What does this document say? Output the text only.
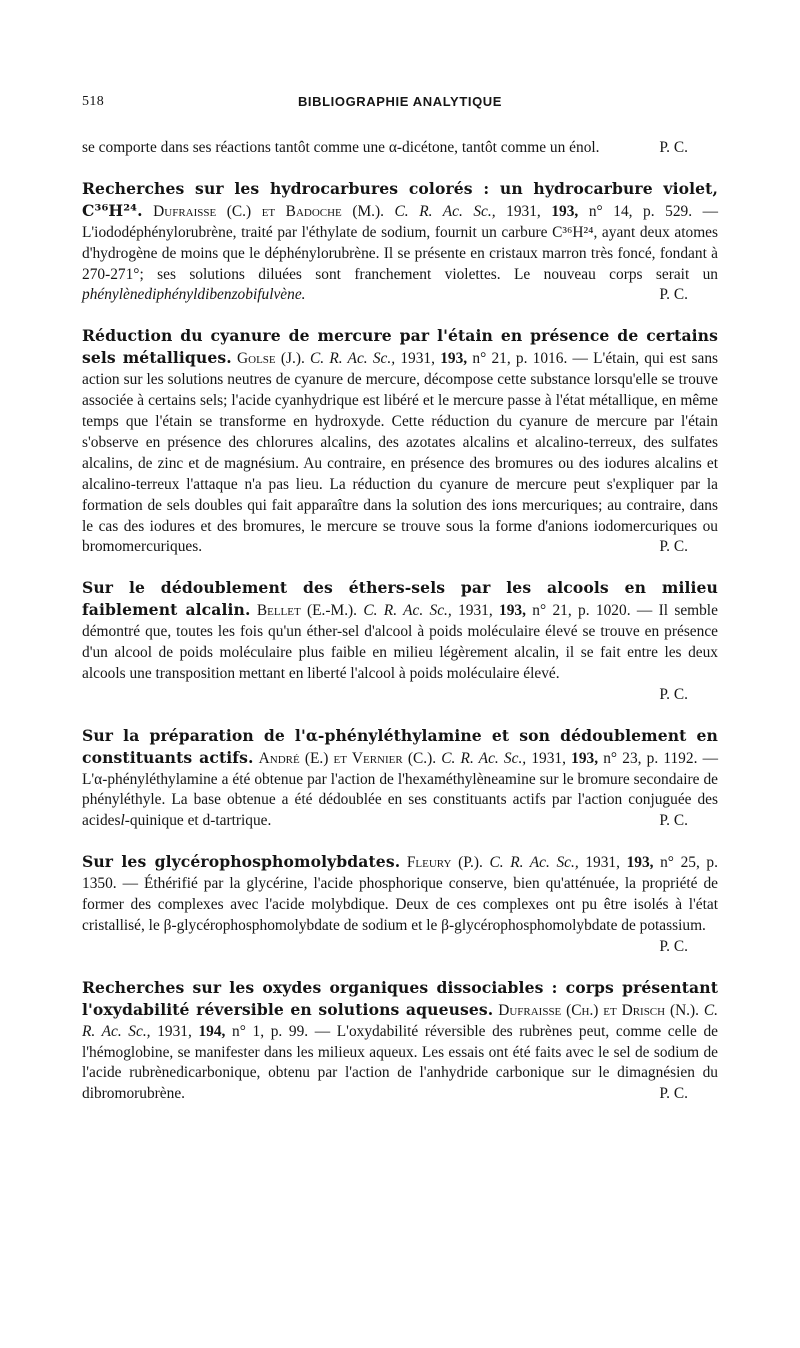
518	BIBLIOGRAPHIE ANALYTIQUE
se comporte dans ses réactions tantôt comme une α-dicétone, tantôt comme un énol.	P. C.
Recherches sur les hydrocarbures colorés : un hydrocarbure violet, C³⁶H²⁴. Dufraisse (C.) et Badoche (M.). C. R. Ac. Sc., 1931, 193, n° 14, p. 529. — L'iododéphénylorubrène, traité par l'éthylate de sodium, fournit un carbure C³⁶H²⁴, ayant deux atomes d'hydrogène de moins que le déphénylorubrène. Il se présente en cristaux marron très foncé, fondant à 270-271°; ses solutions diluées sont franchement violettes. Le nouveau corps serait un phénylènediphényldibenzobifulvène.	P. C.
Réduction du cyanure de mercure par l'étain en présence de certains sels métalliques. Golse (J.). C. R. Ac. Sc., 1931, 193, n° 21, p. 1016. — L'étain, qui est sans action sur les solutions neutres de cyanure de mercure, décompose cette substance lorsqu'elle se trouve associée à certains sels; l'acide cyanhydrique est libéré et le mercure passe à l'état métallique, en même temps que l'étain se transforme en hydroxyde. Cette réduction du cyanure de mercure par l'étain s'observe en présence des chlorures alcalins, des azotates alcalins et alcalino-terreux, des sulfates alcalins, de zinc et de magnésium. Au contraire, en présence des bromures ou des iodures alcalins et alcalino-terreux l'attaque n'a pas lieu. La réduction du cyanure de mercure peut s'expliquer par la formation de sels doubles qui fait apparaître dans la solution des ions mercuriques; au contraire, dans le cas des iodures et des bromures, le mercure se trouve sous la forme d'anions iodomercuriques ou bromomercuriques.	P. C.
Sur le dédoublement des éthers-sels par les alcools en milieu faiblement alcalin. Bellet (E.-M.). C. R. Ac. Sc., 1931, 193, n° 21, p. 1020. — Il semble démontré que, toutes les fois qu'un éther-sel d'alcool à poids moléculaire élevé se trouve en présence d'un alcool de poids moléculaire plus faible en milieu légèrement alcalin, il se fait entre les deux alcools une transposition mettant en liberté l'alcool à poids moléculaire élevé.
P. C.
Sur la préparation de l'α-phényléthylamine et son dédoublement en constituants actifs. André (E.) et Vernier (C.). C. R. Ac. Sc., 1931, 193, n° 23, p. 1192. — L'α-phényléthylamine a été obtenue par l'action de l'hexaméthylèneamine sur le bromure secondaire de phényléthyle. La base obtenue a été dédoublée en ses constituants actifs par l'action conjuguée des acidesl-quinique et d-tartrique.	P. C.
Sur les glycérophosphomolybdates. Fleury (P.). C. R. Ac. Sc., 1931, 193, n° 25, p. 1350. — Éthérifié par la glycérine, l'acide phosphorique conserve, bien qu'atténuée, la propriété de former des complexes avec l'acide molybdique. Deux de ces complexes ont pu être isolés à l'état cristallisé, le β-glycérophosphomolybdate de sodium et le β-glycérophosphomolybdate de potassium.
P. C.
Recherches sur les oxydes organiques dissociables : corps présentant l'oxydabilité réversible en solutions aqueuses. Dufraisse (Ch.) et Drisch (N.). C. R. Ac. Sc., 1931, 194, n° 1, p. 99. — L'oxydabilité réversible des rubrènes peut, comme celle de l'hémoglobine, se manifester dans les milieux aqueux. Les essais ont été faits avec le sel de sodium de l'acide rubrènedicarbonique, obtenu par l'action de l'anhydride carbonique sur le dimagnésien du dibromorubrène.	P. C.
